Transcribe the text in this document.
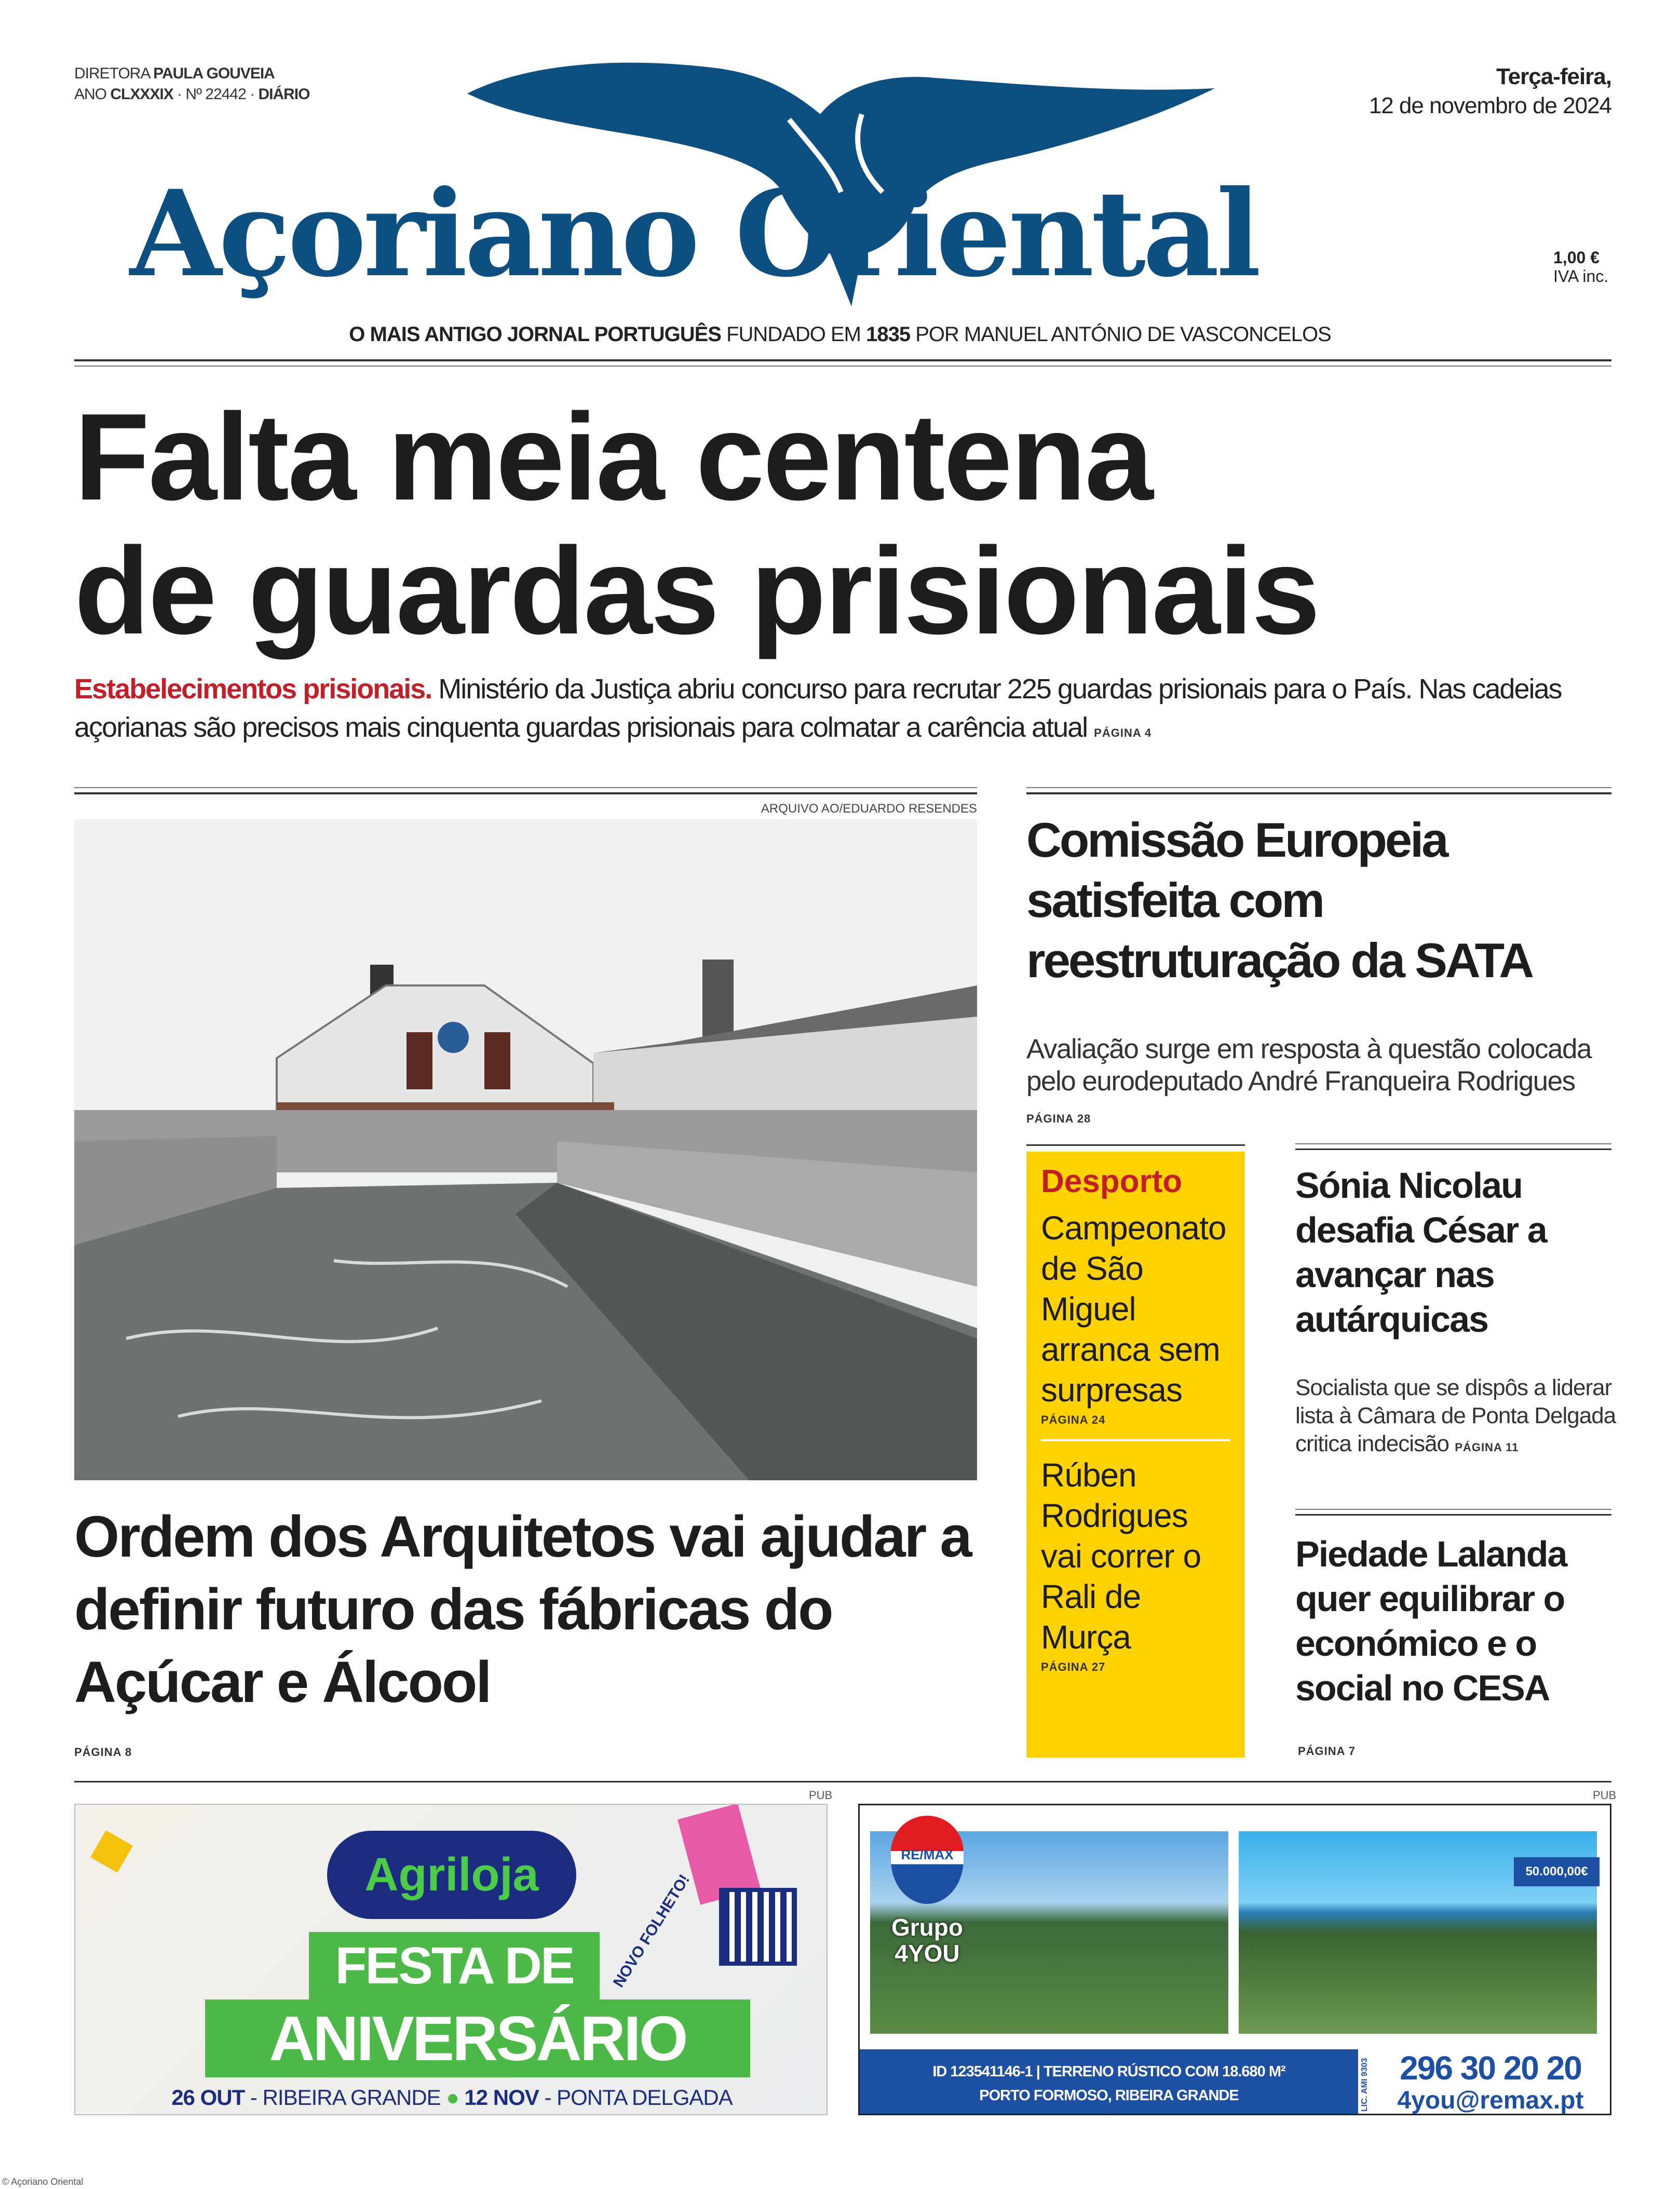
DIRETORA PAULA GOUVEIA
ANO CLXXXIX · Nº 22442 · DIÁRIO
Terça-feira,
12 de novembro de 2024
Açoriano Oriental	1,00 €
IVA inc.
O MAIS ANTIGO JORNAL PORTUGUÊS FUNDADO EM 1835 POR MANUEL ANTÓNIO DE VASCONCELOS
Falta meia centena
de guardas prisionais
Estabelecimentos prisionais. Ministério da Justiça abriu concurso para recrutar 225 guardas prisionais para o País. Nas cadeias açorianas são precisos mais cinquenta guardas prisionais para colmatar a carência atual PÁGINA 4
ARQUIVO AO/EDUARDO RESENDES
Ordem dos Arquitetos vai ajudar a definir futuro das fábricas do Açúcar e Álcool
PÁGINA 8
Comissão Europeia
satisfeita com
reestruturação da SATA
Avaliação surge em resposta à questão colocada pelo eurodeputado André Franqueira Rodrigues PÁGINA 28
Desporto
Campeonato de São Miguel arranca sem surpresas
PÁGINA 24
Rúben Rodrigues vai correr o Rali de Murça
PÁGINA 27
Sónia Nicolau desafia César a avançar nas autárquicas
Socialista que se dispôs a liderar lista à Câmara de Ponta Delgada critica indecisão PÁGINA 11
Piedade Lalanda quer equilibrar o económico e o social no CESA
PÁGINA 7
PUB	PUB
Agriloja
FESTA DE
ANIVERSÁRIO
NOVO FOLHETO!
26 OUT - RIBEIRA GRANDE ● 12 NOV - PONTA DELGADA
50.000,00€
RE/MAX
Grupo
4YOU
ID 123541146-1 | TERRENO RÚSTICO COM 18.680 M²
PORTO FORMOSO, RIBEIRA GRANDE	LIC. AMI 9303 296 30 20 20
4you@remax.pt
© Açoriano Oriental
